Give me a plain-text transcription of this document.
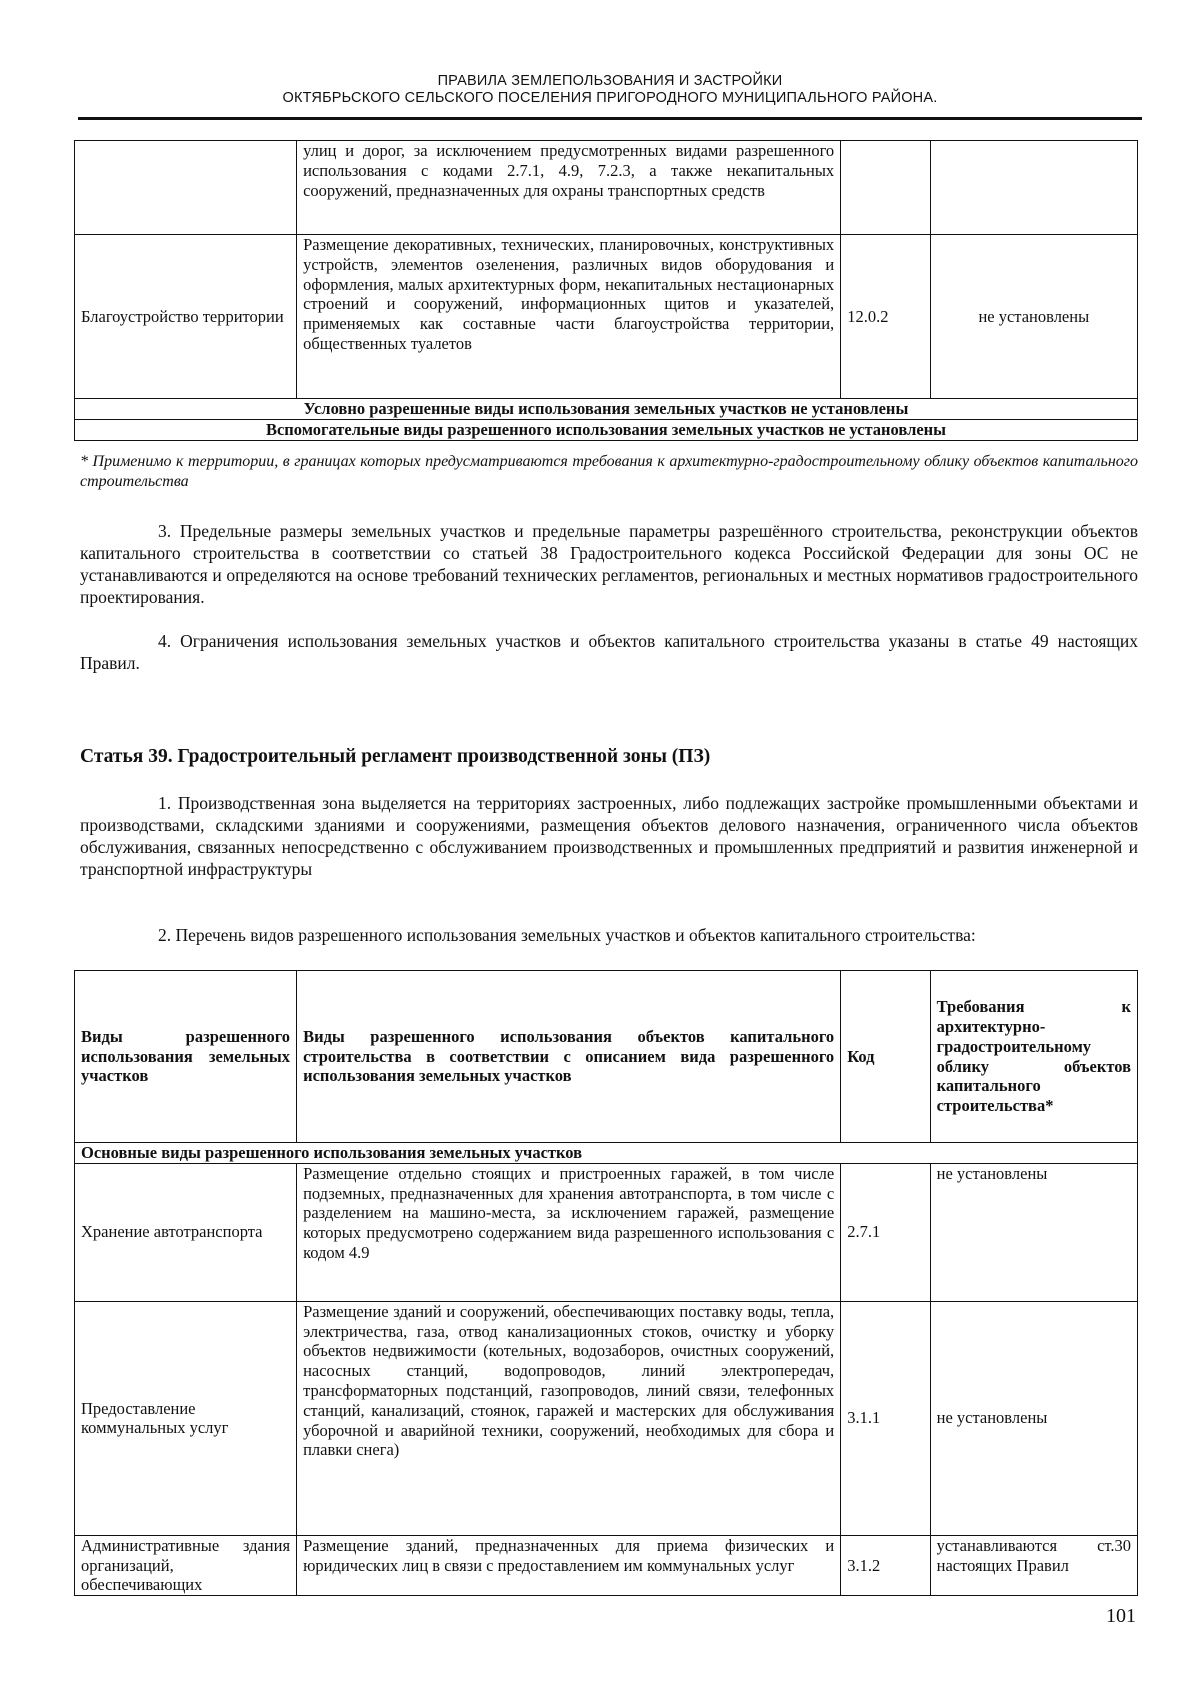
ПРАВИЛА ЗЕМЛЕПОЛЬЗОВАНИЯ И ЗАСТРОЙКИ
ОКТЯБРЬСКОГО СЕЛЬСКОГО ПОСЕЛЕНИЯ ПРИГОРОДНОГО МУНИЦИПАЛЬНОГО РАЙОНА.
	улиц и дорог, за исключением предусмотренных видами разрешенного использования с кодами 2.7.1, 4.9, 7.2.3, а также некапитальных сооружений, предназначенных для охраны транспортных средств		
Благоустройство территории	Размещение декоративных, технических, планировочных, конструктивных устройств, элементов озеленения, различных видов оборудования и оформления, малых архитектурных форм, некапитальных нестационарных строений и сооружений, информационных щитов и указателей, применяемых как составные части благоустройства территории, общественных туалетов	12.0.2	не установлены
Условно разрешенные виды использования земельных участков не установлены			
Вспомогательные виды разрешенного использования земельных участков не установлены			
* Применимо к территории, в границах которых предусматриваются требования к архитектурно-градостроительному облику объектов капитального строительства

3. Предельные размеры земельных участков и предельные параметры разрешённого строительства, реконструкции объектов капитального строительства в соответствии со статьей 38 Градостроительного кодекса Российской Федерации для зоны ОС не устанавливаются и определяются на основе требований технических регламентов, региональных и местных нормативов градостроительного проектирования.

4. Ограничения использования земельных участков и объектов капитального строительства указаны в статье 49 настоящих Правил.

Статья 39. Градостроительный регламент производственной зоны (ПЗ)

1. Производственная зона выделяется на территориях застроенных, либо подлежащих застройке промышленными объектами и производствами, складскими зданиями и сооружениями, размещения объектов делового назначения, ограниченного числа объектов обслуживания, связанных непосредственно с обслуживанием производственных и промышленных предприятий и развития инженерной и транспортной инфраструктуры

2. Перечень видов разрешенного использования земельных участков и объектов капитального строительства:

Виды разрешенного использования земельных участков	Виды разрешенного использования объектов капитального строительства в соответствии с описанием вида разрешенного использования земельных участков	Код	Требования к архитектурно-градостроительному облику объектов капитального строительства*
Основные виды разрешенного использования земельных участков			
Хранение автотранспорта	Размещение отдельно стоящих и пристроенных гаражей, в том числе подземных, предназначенных для хранения автотранспорта, в том числе с разделением на машино-места, за исключением гаражей, размещение которых предусмотрено содержанием вида разрешенного использования с кодом 4.9	2.7.1	не установлены
Предоставление коммунальных услуг	Размещение зданий и сооружений, обеспечивающих поставку воды, тепла, электричества, газа, отвод канализационных стоков, очистку и уборку объектов недвижимости (котельных, водозаборов, очистных сооружений, насосных станций, водопроводов, линий электропередач, трансформаторных подстанций, газопроводов, линий связи, телефонных станций, канализаций, стоянок, гаражей и мастерских для обслуживания уборочной и аварийной техники, сооружений, необходимых для сбора и плавки снега)	3.1.1	не установлены
Административные здания организаций, обеспечивающих	Размещение зданий, предназначенных для приема физических и юридических лиц в связи с предоставлением им коммунальных услуг	3.1.2	устанавливаются ст.30 настоящих Правил
101
